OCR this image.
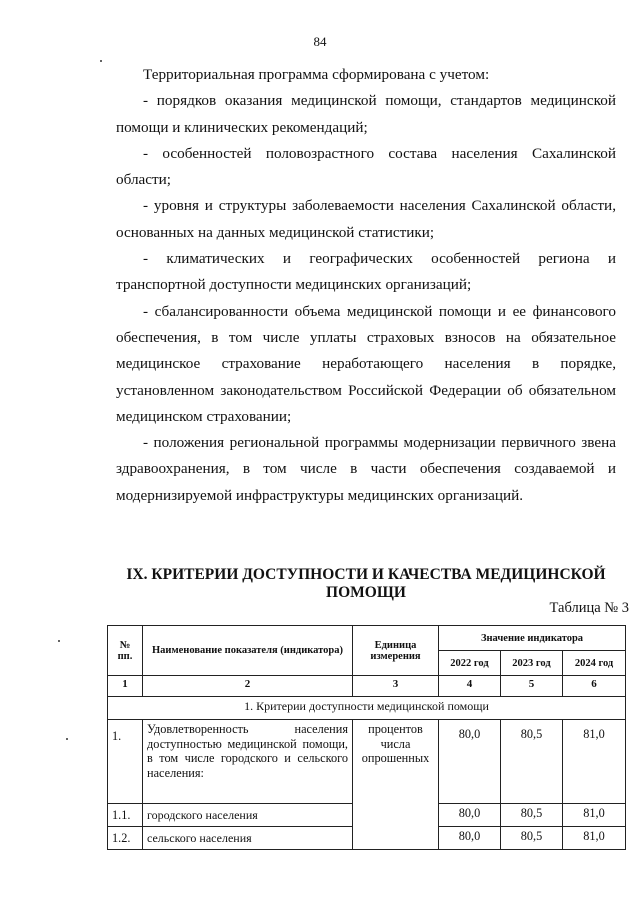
84

Территориальная программа сформирована с учетом:

- порядков оказания медицинской помощи, стандартов медицинской помощи и клинических рекомендаций;

- особенностей половозрастного состава населения Сахалинской области;

- уровня и структуры заболеваемости населения Сахалинской области, основанных на данных медицинской статистики;

- климатических и географических особенностей региона и транспортной доступности медицинских организаций;

- сбалансированности объема медицинской помощи и ее финансового обеспечения, в том числе уплаты страховых взносов на обязательное медицинское страхование неработающего населения в порядке, установленном законодательством Российской Федерации об обязательном медицинском страховании;

- положения региональной программы модернизации первичного звена здравоохранения, в том числе в части обеспечения создаваемой и модернизируемой инфраструктуры медицинских организаций.

IX. КРИТЕРИИ ДОСТУПНОСТИ И КАЧЕСТВА МЕДИЦИНСКОЙ ПОМОЩИ
Таблица № 3
№ пп.	Наименование показателя (индикатора)	Единица измерения	Значение индикатора		
			2022 год	2023 год	2024 год
1	2	3	4	5	6
1. Критерии доступности медицинской помощи					
1.	Удовлетворенность населения доступностью медицинской помощи, в том числе городского и сельского населения:	процентов числа опрошенных	80,0	80,5	81,0
1.1.	городского населения		80,0	80,5	81,0
1.2.	сельского населения		80,0	80,5	81,0
